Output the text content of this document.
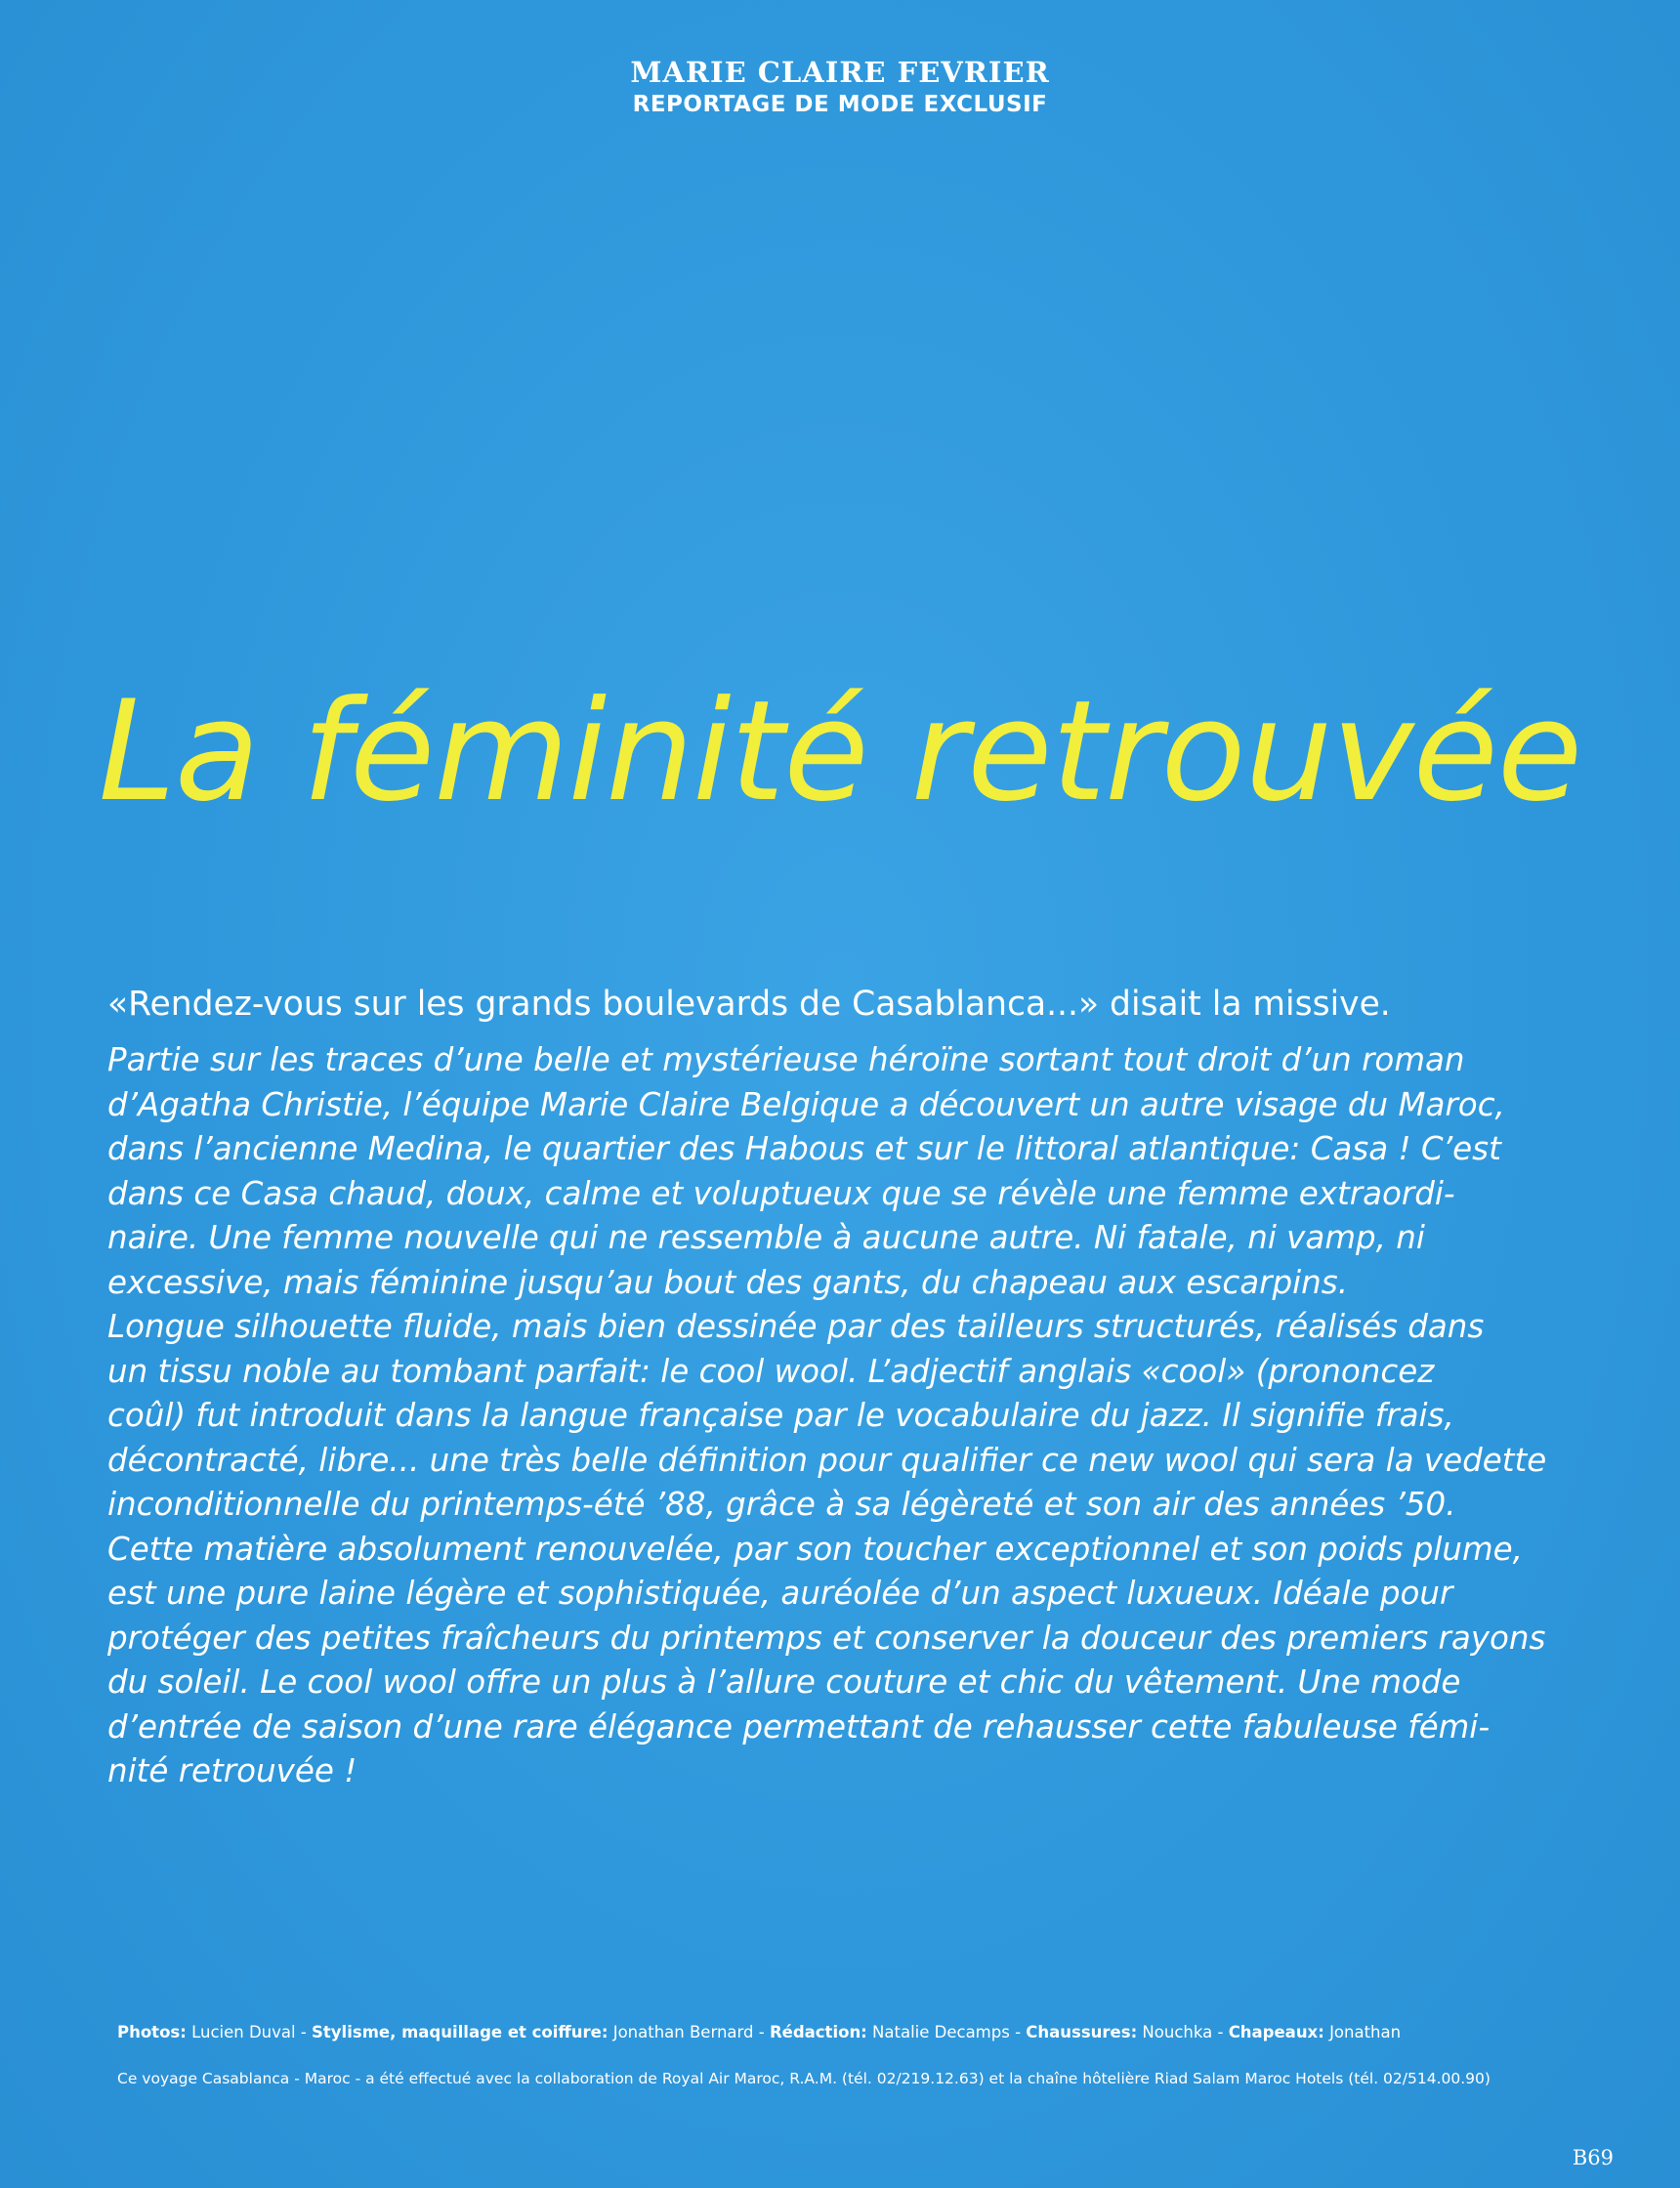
MARIE CLAIRE FEVRIER
REPORTAGE DE MODE EXCLUSIF
La féminité retrouvée
«Rendez-vous sur les grands boulevards de Casablanca...» disait la missive.
Partie sur les traces d’une belle et mystérieuse héroïne sortant tout droit d’un roman
d’Agatha Christie, l’équipe Marie Claire Belgique a découvert un autre visage du Maroc,
dans l’ancienne Medina, le quartier des Habous et sur le littoral atlantique: Casa ! C’est
dans ce Casa chaud, doux, calme et voluptueux que se révèle une femme extraordi-
naire. Une femme nouvelle qui ne ressemble à aucune autre. Ni fatale, ni vamp, ni
excessive, mais féminine jusqu’au bout des gants, du chapeau aux escarpins.
Longue silhouette fluide, mais bien dessinée par des tailleurs structurés, réalisés dans
un tissu noble au tombant parfait: le cool wool. L’adjectif anglais «cool» (prononcez
coûl) fut introduit dans la langue française par le vocabulaire du jazz. Il signifie frais,
décontracté, libre... une très belle définition pour qualifier ce new wool qui sera la vedette
inconditionnelle du printemps-été ’88, grâce à sa légèreté et son air des années ’50.
Cette matière absolument renouvelée, par son toucher exceptionnel et son poids plume,
est une pure laine légère et sophistiquée, auréolée d’un aspect luxueux. Idéale pour
protéger des petites fraîcheurs du printemps et conserver la douceur des premiers rayons
du soleil. Le cool wool offre un plus à l’allure couture et chic du vêtement. Une mode
d’entrée de saison d’une rare élégance permettant de rehausser cette fabuleuse fémi-
nité retrouvée !
Photos: Lucien Duval - Stylisme, maquillage et coiffure: Jonathan Bernard - Rédaction: Natalie Decamps - Chaussures: Nouchka - Chapeaux: Jonathan
Ce voyage Casablanca - Maroc - a été effectué avec la collaboration de Royal Air Maroc, R.A.M. (tél. 02/219.12.63) et la chaîne hôtelière Riad Salam Maroc Hotels (tél. 02/514.00.90)
B69
